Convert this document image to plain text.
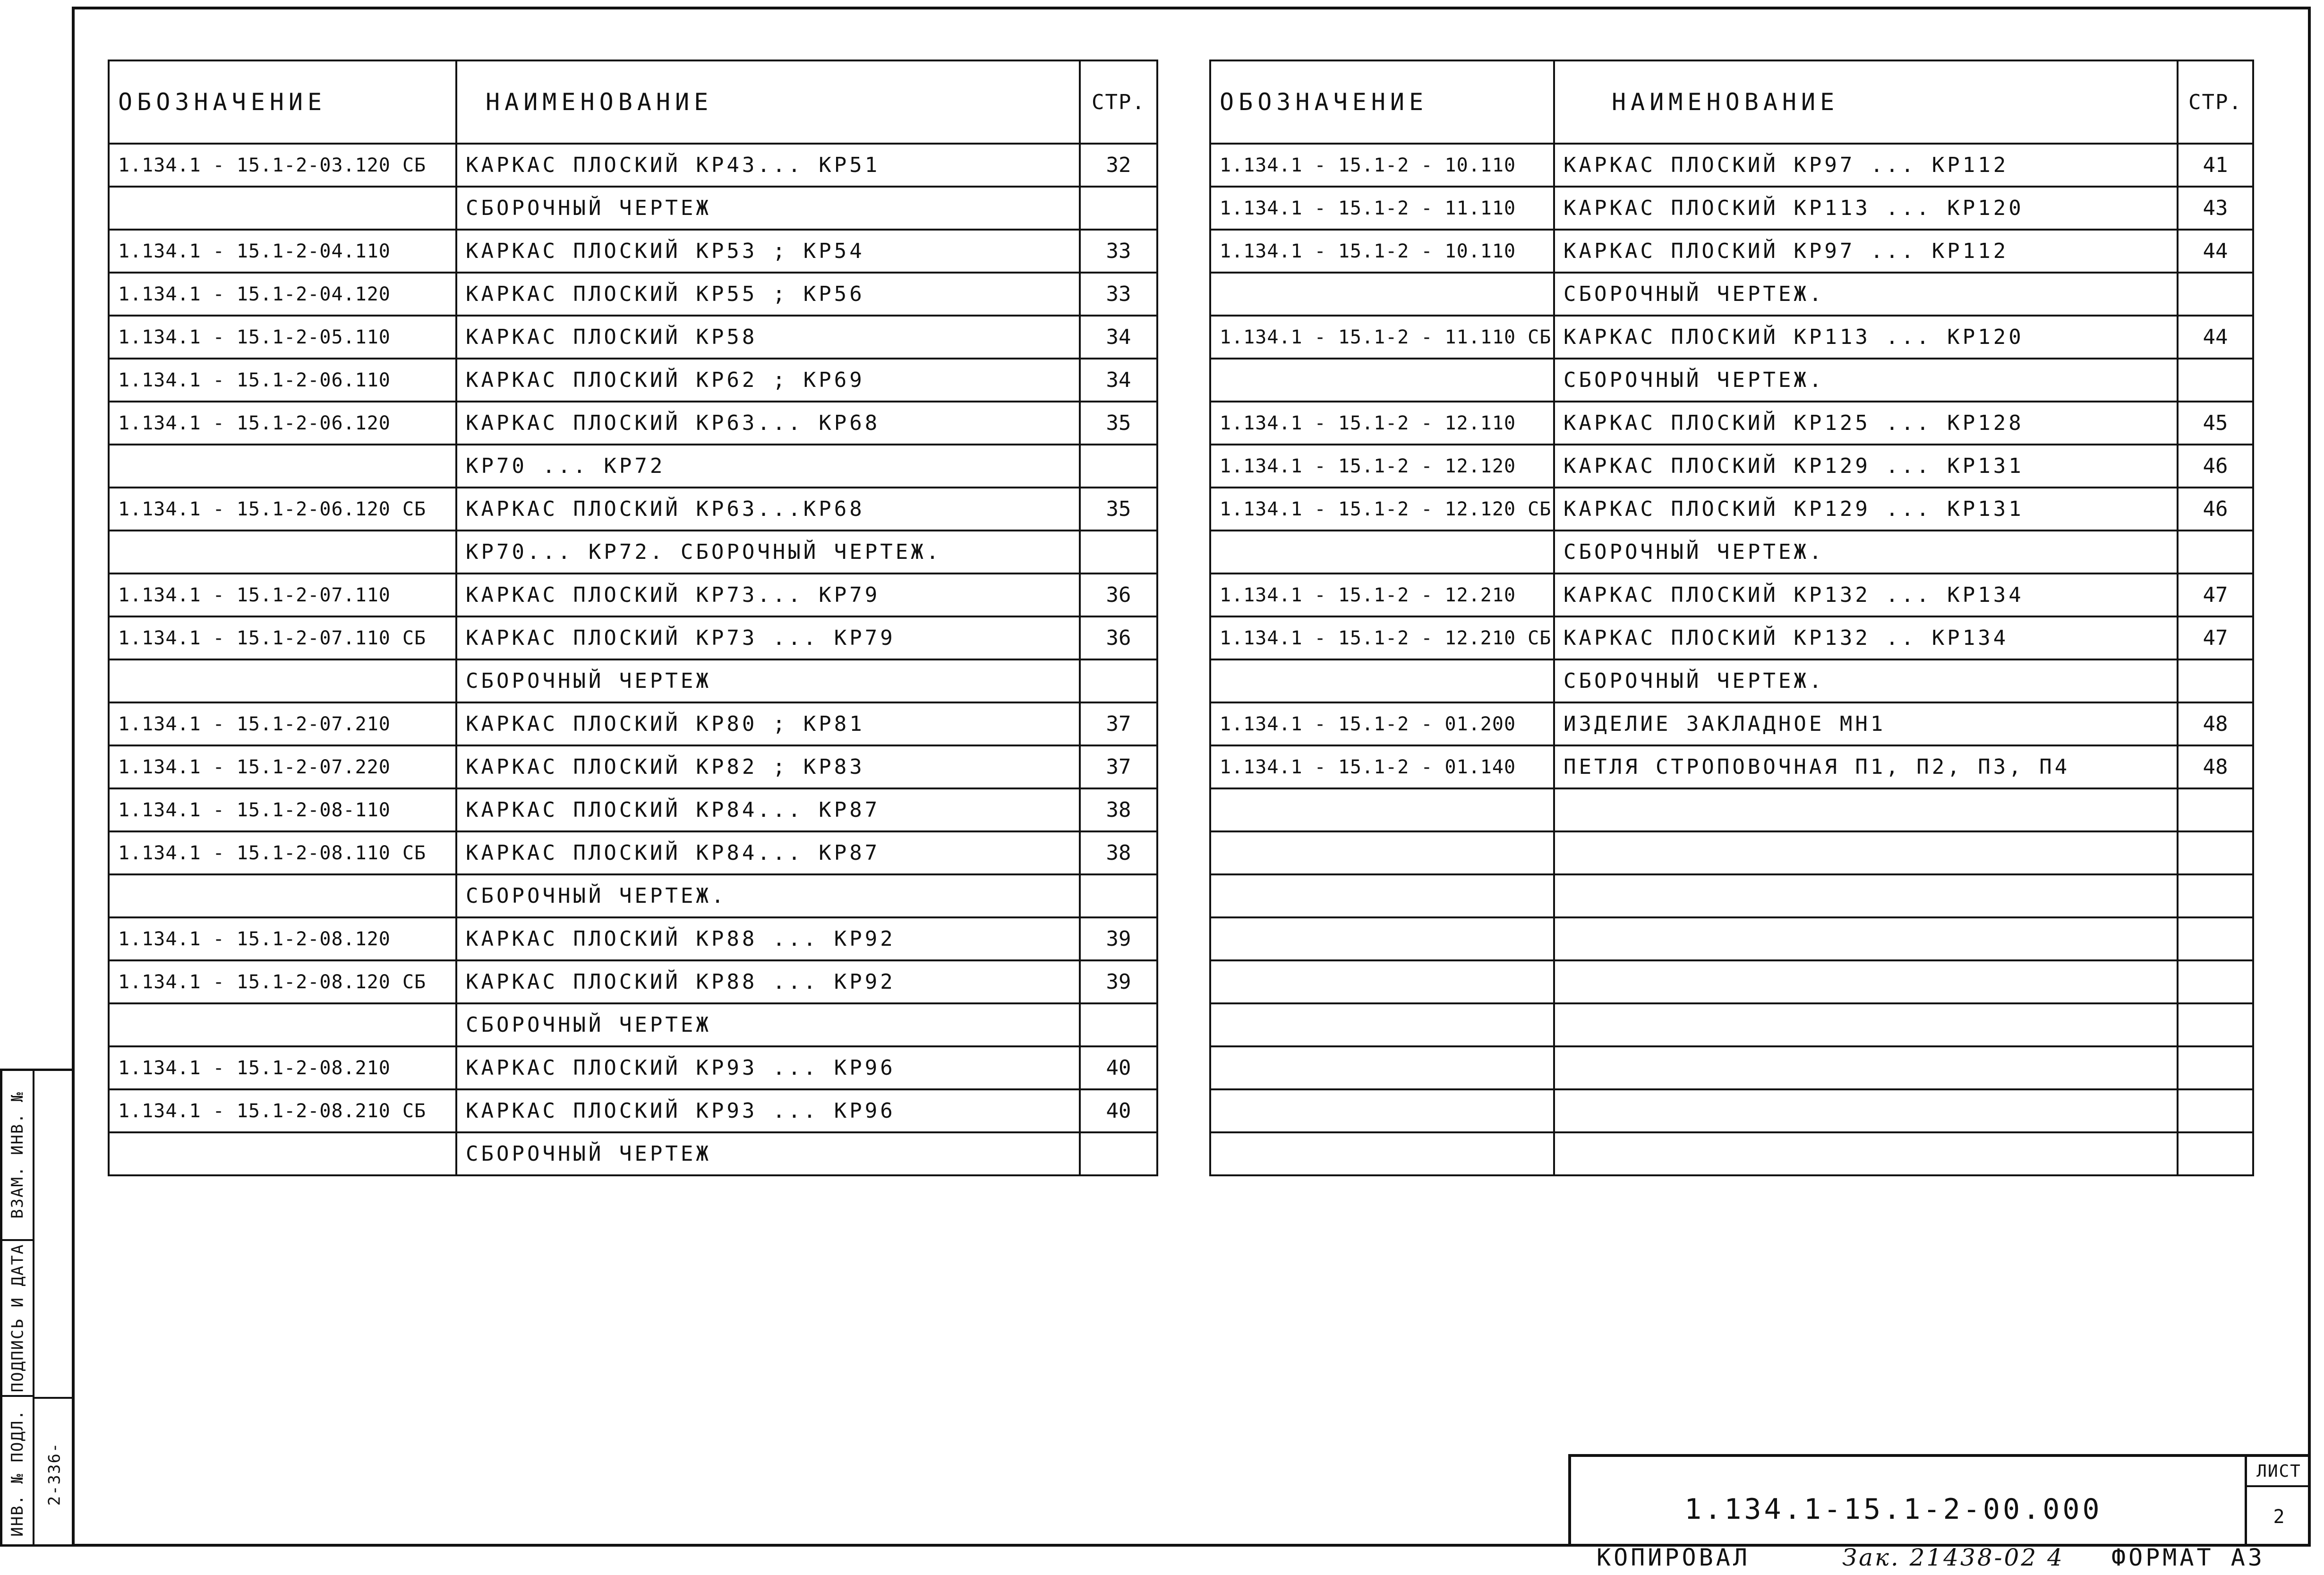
ВЗАМ. ИНВ. №
ПОДПИСЬ И ДАТА
ИНВ. № ПОДЛ. 2-336-
ОБОЗНАЧЕНИЕ	НАИМЕНОВАНИЕ	СТР.
1.134.1 - 15.1-2-03.120 СБ	КАРКАС ПЛОСКИЙ КР43... КР51	32
	СБОРОЧНЫЙ ЧЕРТЕЖ	
1.134.1 - 15.1-2-04.110	КАРКАС ПЛОСКИЙ КР53 ; КР54	33
1.134.1 - 15.1-2-04.120	КАРКАС ПЛОСКИЙ КР55 ; КР56	33
1.134.1 - 15.1-2-05.110	КАРКАС ПЛОСКИЙ КР58	34
1.134.1 - 15.1-2-06.110	КАРКАС ПЛОСКИЙ КР62 ; КР69	34
1.134.1 - 15.1-2-06.120	КАРКАС ПЛОСКИЙ КР63... КР68	35
	КР70 ... КР72	
1.134.1 - 15.1-2-06.120 СБ	КАРКАС ПЛОСКИЙ КР63...КР68	35
	КР70... КР72. СБОРОЧНЫЙ ЧЕРТЕЖ.	
1.134.1 - 15.1-2-07.110	КАРКАС ПЛОСКИЙ КР73... КР79	36
1.134.1 - 15.1-2-07.110 СБ	КАРКАС ПЛОСКИЙ КР73 ... КР79	36
	СБОРОЧНЫЙ ЧЕРТЕЖ	
1.134.1 - 15.1-2-07.210	КАРКАС ПЛОСКИЙ КР80 ; КР81	37
1.134.1 - 15.1-2-07.220	КАРКАС ПЛОСКИЙ КР82 ; КР83	37
1.134.1 - 15.1-2-08-110	КАРКАС ПЛОСКИЙ КР84... КР87	38
1.134.1 - 15.1-2-08.110 СБ	КАРКАС ПЛОСКИЙ КР84... КР87	38
	СБОРОЧНЫЙ ЧЕРТЕЖ.	
1.134.1 - 15.1-2-08.120	КАРКАС ПЛОСКИЙ КР88 ... КР92	39
1.134.1 - 15.1-2-08.120 СБ	КАРКАС ПЛОСКИЙ КР88 ... КР92	39
	СБОРОЧНЫЙ ЧЕРТЕЖ	
1.134.1 - 15.1-2-08.210	КАРКАС ПЛОСКИЙ КР93 ... КР96	40
1.134.1 - 15.1-2-08.210 СБ	КАРКАС ПЛОСКИЙ КР93 ... КР96	40
	СБОРОЧНЫЙ ЧЕРТЕЖ	
ОБОЗНАЧЕНИЕ	НАИМЕНОВАНИЕ	СТР.
1.134.1 - 15.1-2 - 10.110	КАРКАС ПЛОСКИЙ КР97 ... КР112	41
1.134.1 - 15.1-2 - 11.110	КАРКАС ПЛОСКИЙ КР113 ... КР120	43
1.134.1 - 15.1-2 - 10.110	КАРКАС ПЛОСКИЙ КР97 ... КР112	44
	СБОРОЧНЫЙ ЧЕРТЕЖ.	
1.134.1 - 15.1-2 - 11.110 СБ	КАРКАС ПЛОСКИЙ КР113 ... КР120	44
	СБОРОЧНЫЙ ЧЕРТЕЖ.	
1.134.1 - 15.1-2 - 12.110	КАРКАС ПЛОСКИЙ КР125 ... КР128	45
1.134.1 - 15.1-2 - 12.120	КАРКАС ПЛОСКИЙ КР129 ... КР131	46
1.134.1 - 15.1-2 - 12.120 СБ	КАРКАС ПЛОСКИЙ КР129 ... КР131	46
	СБОРОЧНЫЙ ЧЕРТЕЖ.	
1.134.1 - 15.1-2 - 12.210	КАРКАС ПЛОСКИЙ КР132 ... КР134	47
1.134.1 - 15.1-2 - 12.210 СБ	КАРКАС ПЛОСКИЙ КР132 .. КР134	47
	СБОРОЧНЫЙ ЧЕРТЕЖ.	
1.134.1 - 15.1-2 - 01.200	ИЗДЕЛИЕ ЗАКЛАДНОЕ МН1	48
1.134.1 - 15.1-2 - 01.140	ПЕТЛЯ СТРОПОВОЧНАЯ П1, П2, П3, П4	48

1.134.1-15.1-2-00.000
ЛИСТ
2
КОПИРОВАЛ	Зак. 21438-02 4 ФОРМАТ А3
